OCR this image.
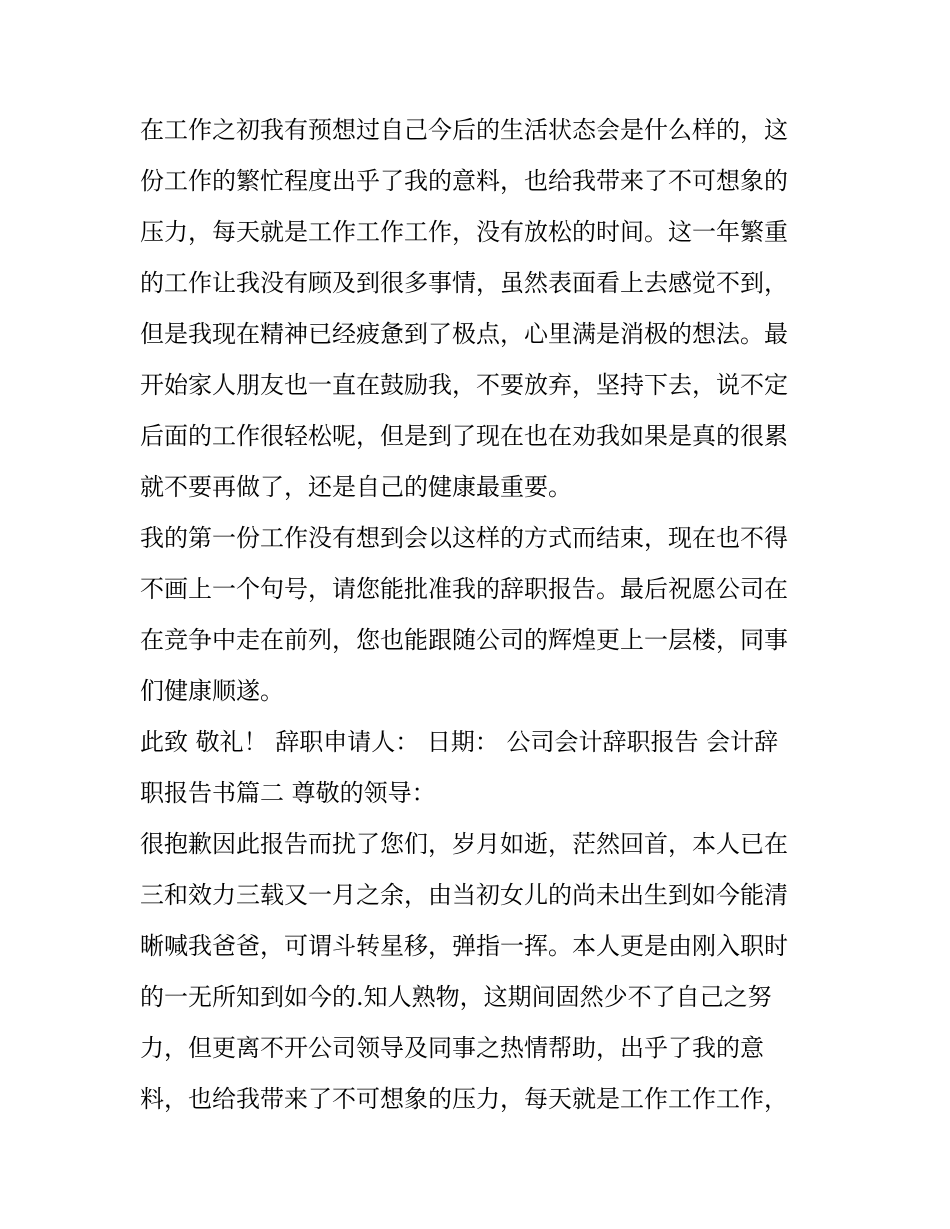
在工作之初我有预想过自己今后的生活状态会是什么样的，这
份工作的繁忙程度出乎了我的意料，也给我带来了不可想象的
压力，每天就是工作工作工作，没有放松的时间。这一年繁重
的工作让我没有顾及到很多事情，虽然表面看上去感觉不到，
但是我现在精神已经疲惫到了极点，心里满是消极的想法。最
开始家人朋友也一直在鼓励我，不要放弃，坚持下去，说不定
后面的工作很轻松呢，但是到了现在也在劝我如果是真的很累
就不要再做了，还是自己的健康最重要。
我的第一份工作没有想到会以这样的方式而结束，现在也不得
不画上一个句号，请您能批准我的辞职报告。最后祝愿公司在
在竞争中走在前列，您也能跟随公司的辉煌更上一层楼，同事
们健康顺遂。
此致 敬礼！ 辞职申请人： 日期： 公司会计辞职报告 会计辞
职报告书篇二 尊敬的领导：
很抱歉因此报告而扰了您们，岁月如逝，茫然回首，本人已在
三和效力三载又一月之余，由当初女儿的尚未出生到如今能清
晰喊我爸爸，可谓斗转星移，弹指一挥。本人更是由刚入职时
的一无所知到如今的.知人熟物，这期间固然少不了自己之努
力，但更离不开公司领导及同事之热情帮助，出乎了我的意
料，也给我带来了不可想象的压力，每天就是工作工作工作，
